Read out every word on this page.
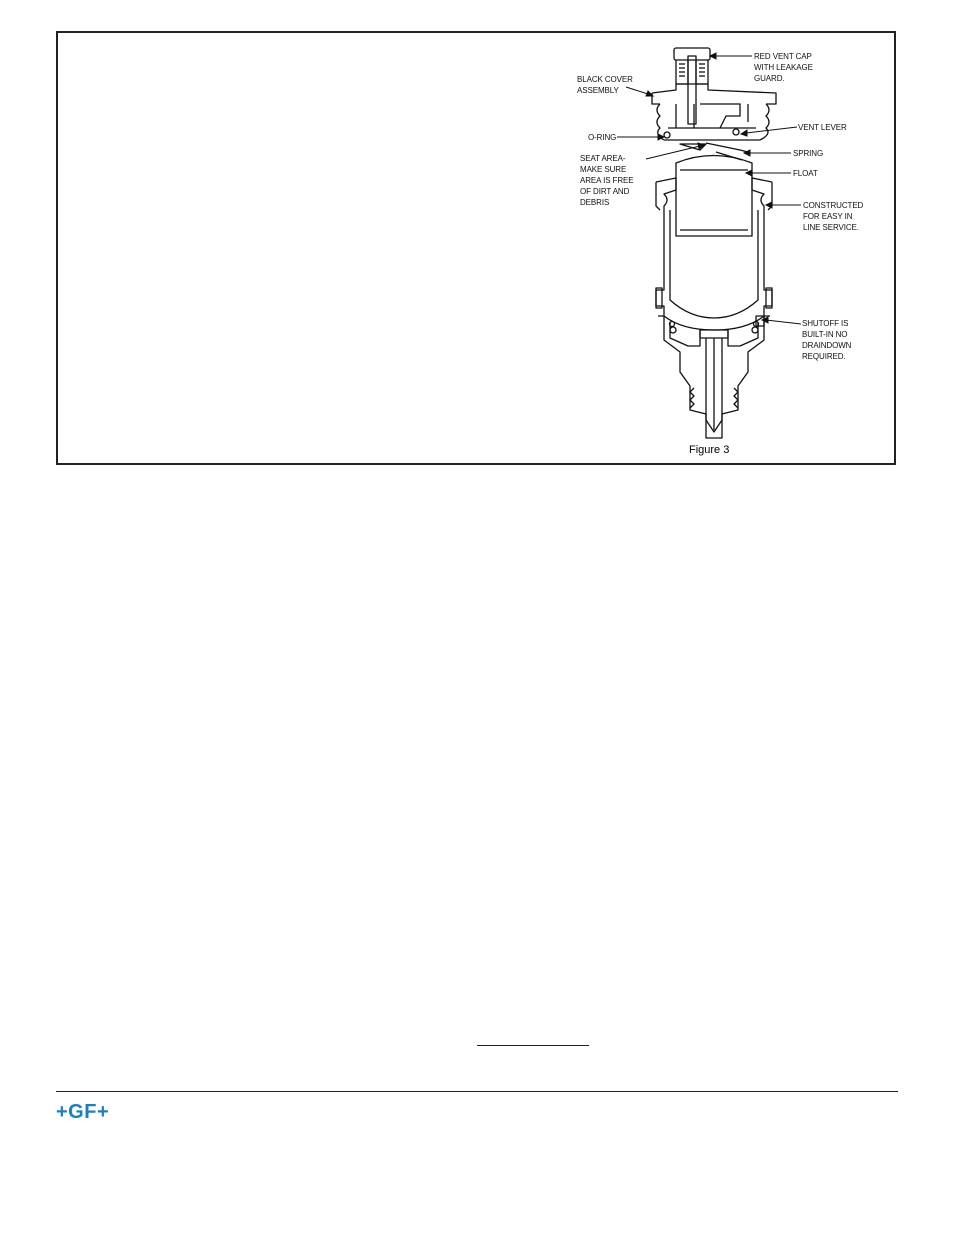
RED VENT CAP
WITH LEAKAGE
GUARD.
BLACK COVER
ASSEMBLY
O-RING
VENT LEVER
SPRING
SEAT AREA-
MAKE SURE
AREA IS FREE
OF DIRT AND
DEBRIS
FLOAT
CONSTRUCTED
FOR EASY IN
LINE SERVICE.
SHUTOFF IS
BUILT-IN NO
DRAINDOWN
REQUIRED.
Figure 3
+GF+
